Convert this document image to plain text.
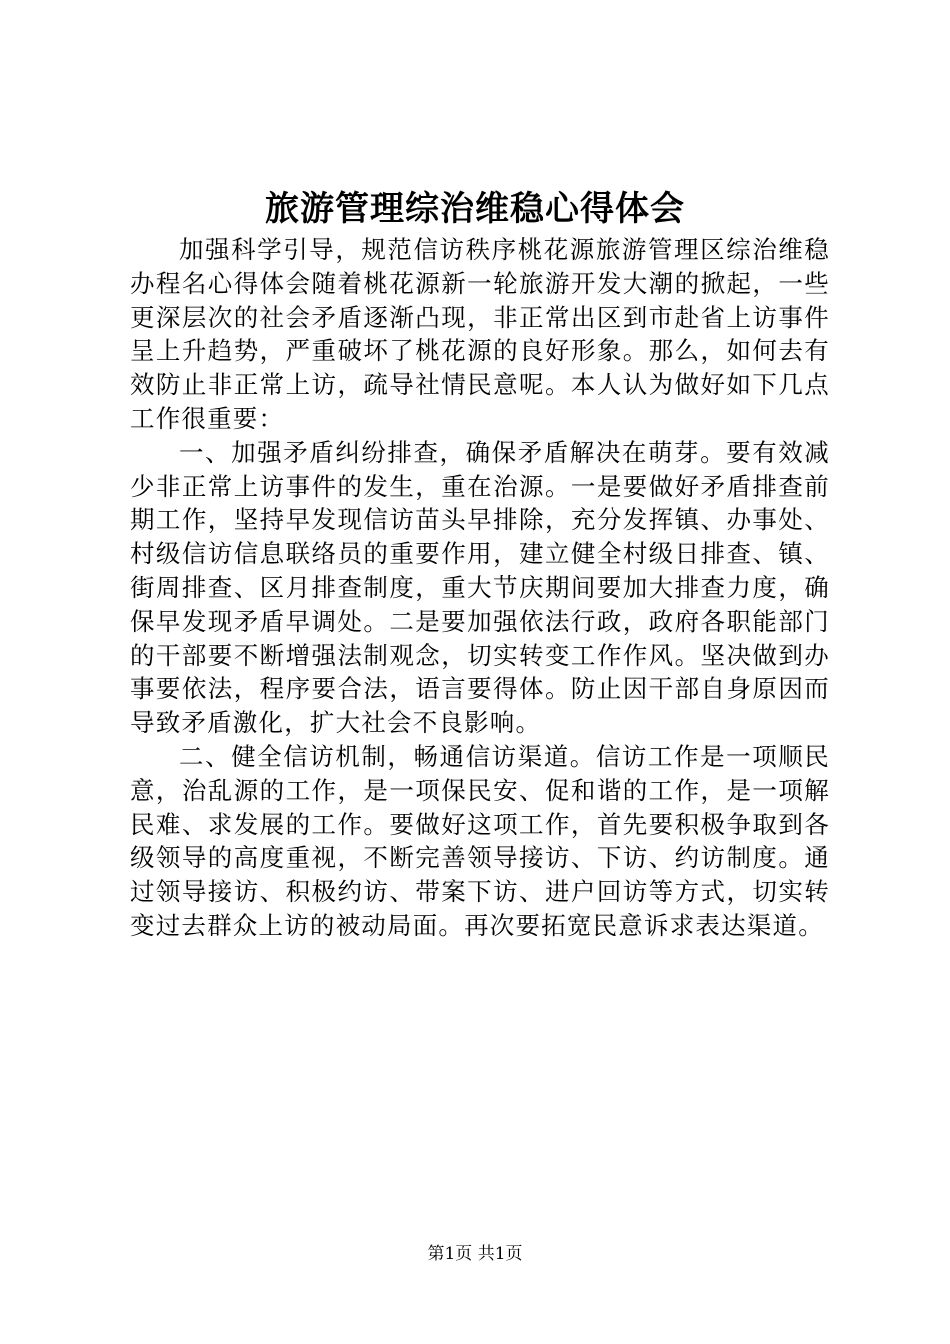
旅游管理综治维稳心得体会

加强科学引导，规范信访秩序桃花源旅游管理区综治维稳办程名心得体会随着桃花源新一轮旅游开发大潮的掀起，一些更深层次的社会矛盾逐渐凸现，非正常出区到市赴省上访事件呈上升趋势，严重破坏了桃花源的良好形象。那么，如何去有效防止非正常上访，疏导社情民意呢。本人认为做好如下几点工作很重要：

一、加强矛盾纠纷排查，确保矛盾解决在萌芽。要有效减少非正常上访事件的发生，重在治源。一是要做好矛盾排查前期工作，坚持早发现信访苗头早排除，充分发挥镇、办事处、村级信访信息联络员的重要作用，建立健全村级日排查、镇、街周排查、区月排查制度，重大节庆期间要加大排查力度，确保早发现矛盾早调处。二是要加强依法行政，政府各职能部门的干部要不断增强法制观念，切实转变工作作风。坚决做到办事要依法，程序要合法，语言要得体。防止因干部自身原因而导致矛盾激化，扩大社会不良影响。

二、健全信访机制，畅通信访渠道。信访工作是一项顺民意，治乱源的工作，是一项保民安、促和谐的工作，是一项解民难、求发展的工作。要做好这项工作，首先要积极争取到各级领导的高度重视，不断完善领导接访、下访、约访制度。通过领导接访、积极约访、带案下访、进户回访等方式，切实转变过去群众上访的被动局面。再次要拓宽民意诉求表达渠道。

第1页 共1页
